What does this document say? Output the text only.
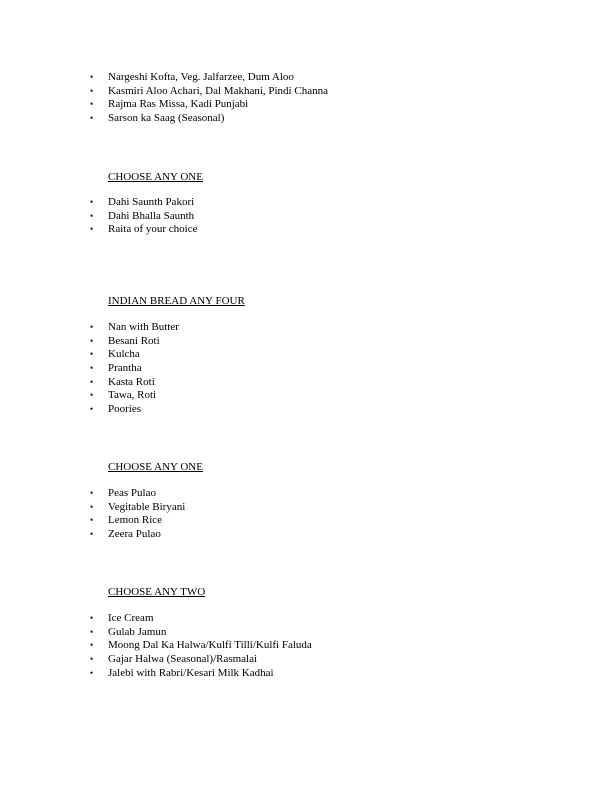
• Nargeshi Kofta, Veg. Jalfarzee, Dum Aloo
• Kasmiri Aloo Achari, Dal Makhani, Pindi Channa
• Rajma Ras Missa, Kadi Punjabi
• Sarson ka Saag (Seasonal)
CHOOSE ANY ONE
• Dahi Saunth Pakori
• Dahi Bhalla Saunth
• Raita of your choice
INDIAN BREAD ANY FOUR
• Nan with Butter
• Besani Roti
• Kulcha
• Prantha
• Kasta Roti
• Tawa, Roti
• Poories
CHOOSE ANY ONE
• Peas Pulao
• Vegitable Biryani
• Lemon Rice
• Zeera Pulao
CHOOSE ANY TWO
• Ice Cream
• Gulab Jamun
• Moong Dal Ka Halwa/Kulfi Tilli/Kulfi Faluda
• Gajar Halwa (Seasonal)/Rasmalai
• Jalebi with Rabri/Kesari Milk Kadhai
